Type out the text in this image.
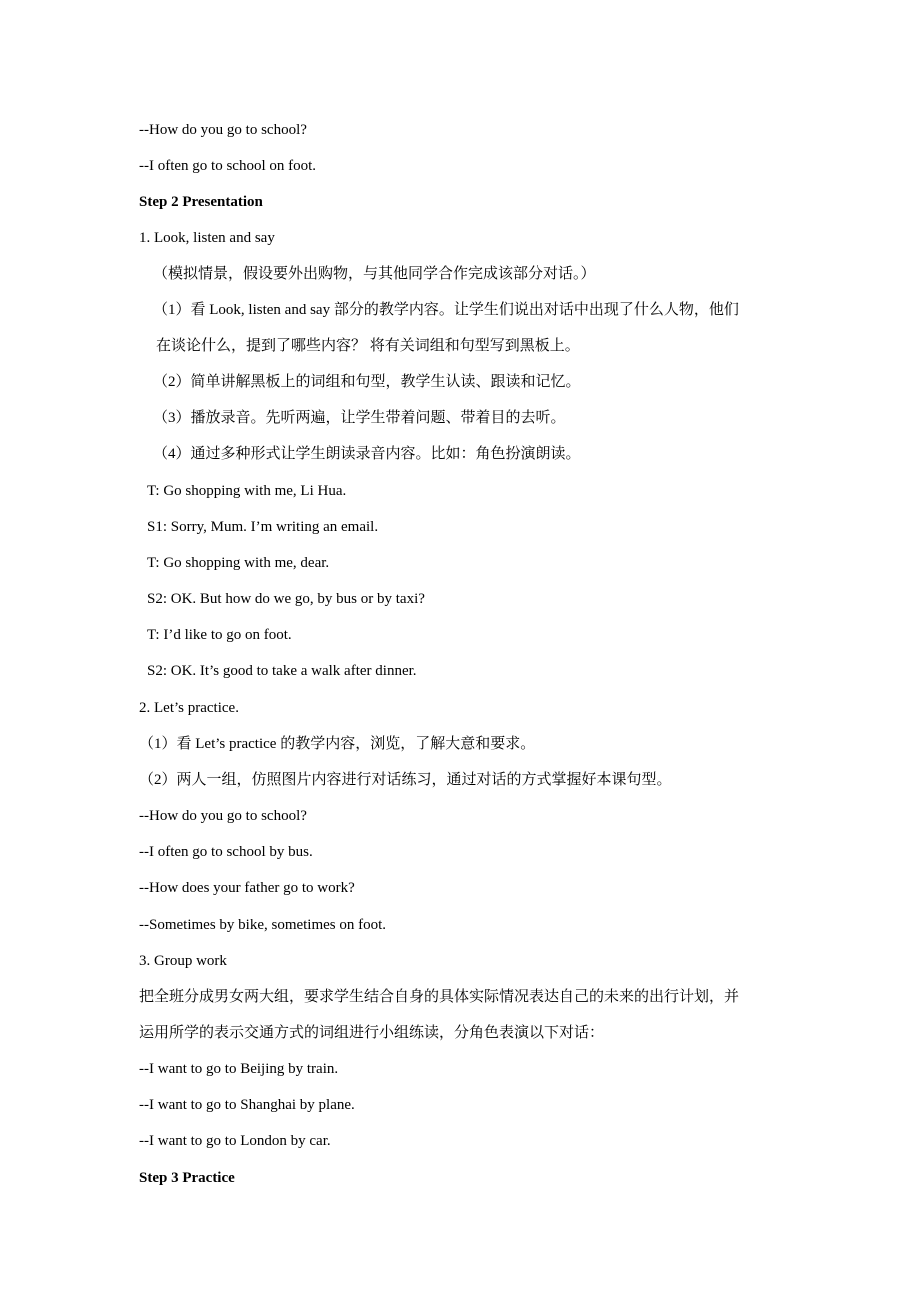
--How do you go to school?
--I often go to school on foot.
Step 2 Presentation
1. Look, listen and say
（模拟情景，假设要外出购物，与其他同学合作完成该部分对话。）
（1）看 Look, listen and say 部分的教学内容。让学生们说出对话中出现了什么人物，他们
在谈论什么，提到了哪些内容？ 将有关词组和句型写到黑板上。
（2）简单讲解黑板上的词组和句型，教学生认读、跟读和记忆。
（3）播放录音。先听两遍，让学生带着问题、带着目的去听。
（4）通过多种形式让学生朗读录音内容。比如：角色扮演朗读。
T: Go shopping with me, Li Hua.
S1: Sorry, Mum. I’m writing an email.
T: Go shopping with me, dear.
S2: OK. But how do we go, by bus or by taxi?
T: I’d like to go on foot.
S2: OK. It’s good to take a walk after dinner.
2. Let’s practice.
（1）看 Let’s practice 的教学内容，浏览，了解大意和要求。
（2）两人一组，仿照图片内容进行对话练习，通过对话的方式掌握好本课句型。
--How do you go to school?
--I often go to school by bus.
--How does your father go to work?
--Sometimes by bike, sometimes on foot.
3. Group work
把全班分成男女两大组，要求学生结合自身的具体实际情况表达自己的未来的出行计划，并
运用所学的表示交通方式的词组进行小组练读，分角色表演以下对话：
--I want to go to Beijing by train.
--I want to go to Shanghai by plane.
--I want to go to London by car.
Step 3 Practice
